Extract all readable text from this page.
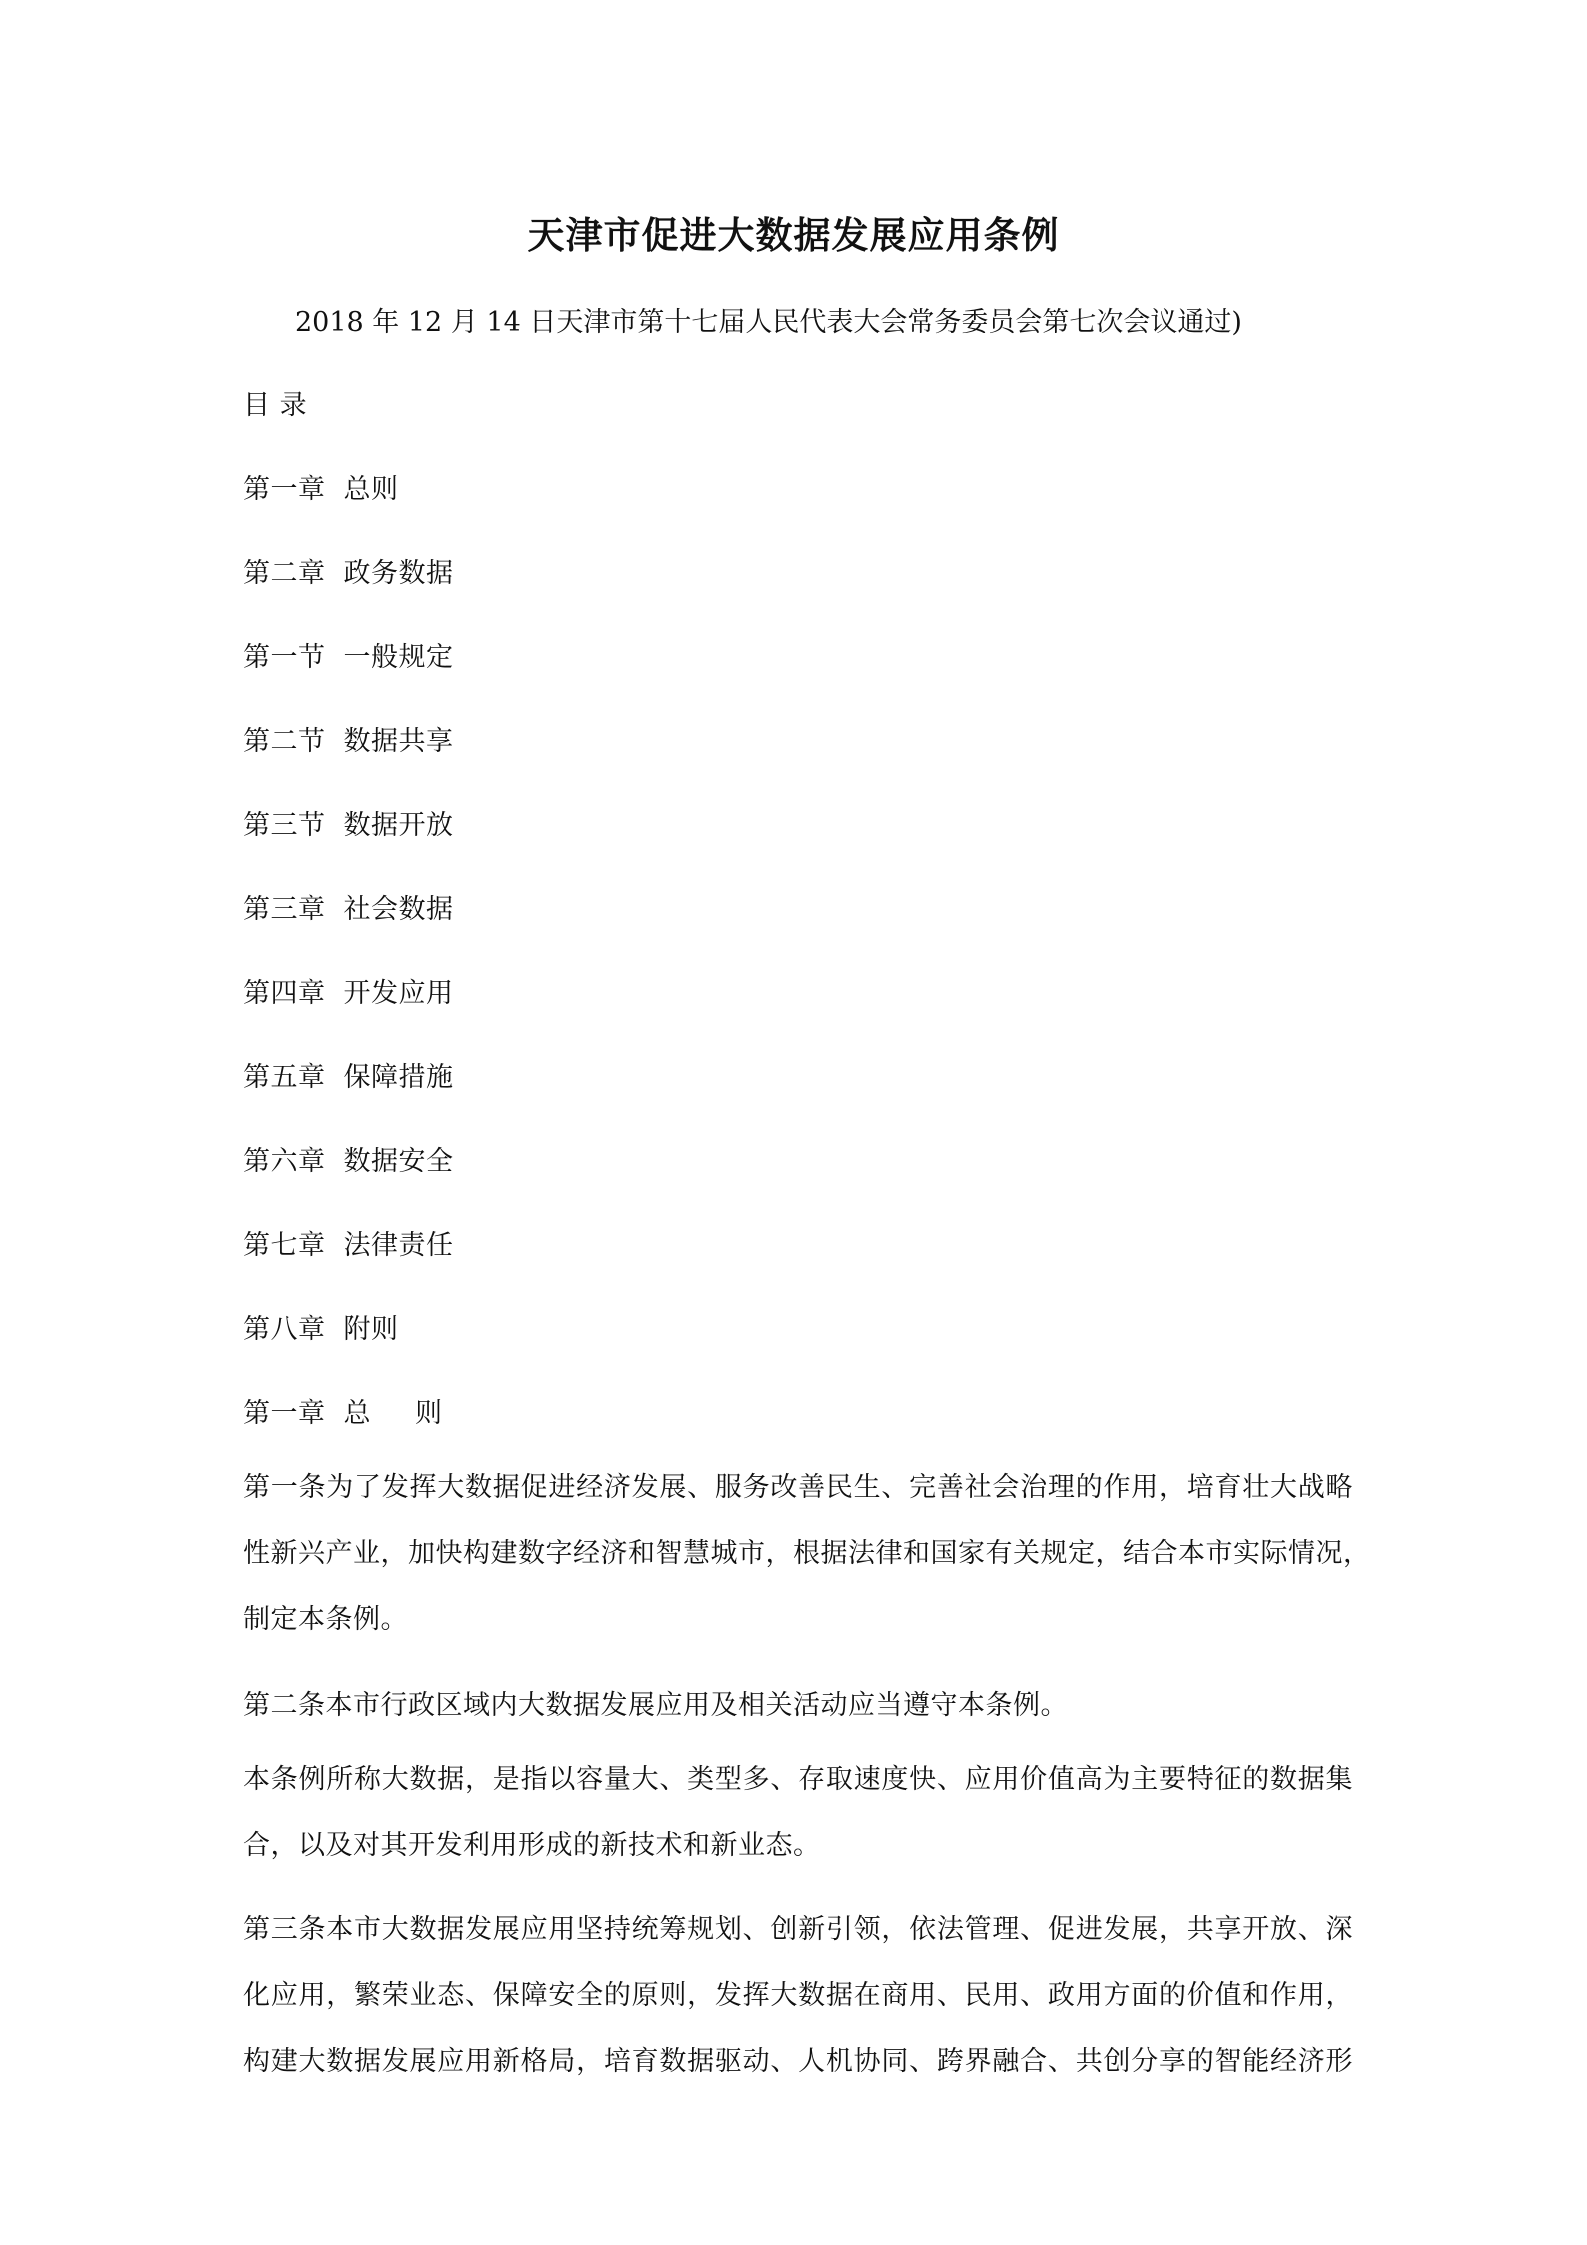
天津市促进大数据发展应用条例
2018 年 12 月 14 日天津市第十七届人民代表大会常务委员会第七次会议通过)
目 录
第一章 总则
第二章 政务数据
第一节 一般规定
第二节 数据共享
第三节 数据开放
第三章 社会数据
第四章 开发应用
第五章 保障措施
第六章 数据安全
第七章 法律责任
第八章 附则
第一章 总 则
第一条为了发挥大数据促进经济发展、服务改善民生、完善社会治理的作用，培育壮大战略
性新兴产业，加快构建数字经济和智慧城市，根据法律和国家有关规定，结合本市实际情况，
制定本条例。
第二条本市行政区域内大数据发展应用及相关活动应当遵守本条例。
本条例所称大数据，是指以容量大、类型多、存取速度快、应用价值高为主要特征的数据集
合，以及对其开发利用形成的新技术和新业态。
第三条本市大数据发展应用坚持统筹规划、创新引领，依法管理、促进发展，共享开放、深
化应用，繁荣业态、保障安全的原则，发挥大数据在商用、民用、政用方面的价值和作用，
构建大数据发展应用新格局，培育数据驱动、人机协同、跨界融合、共创分享的智能经济形
